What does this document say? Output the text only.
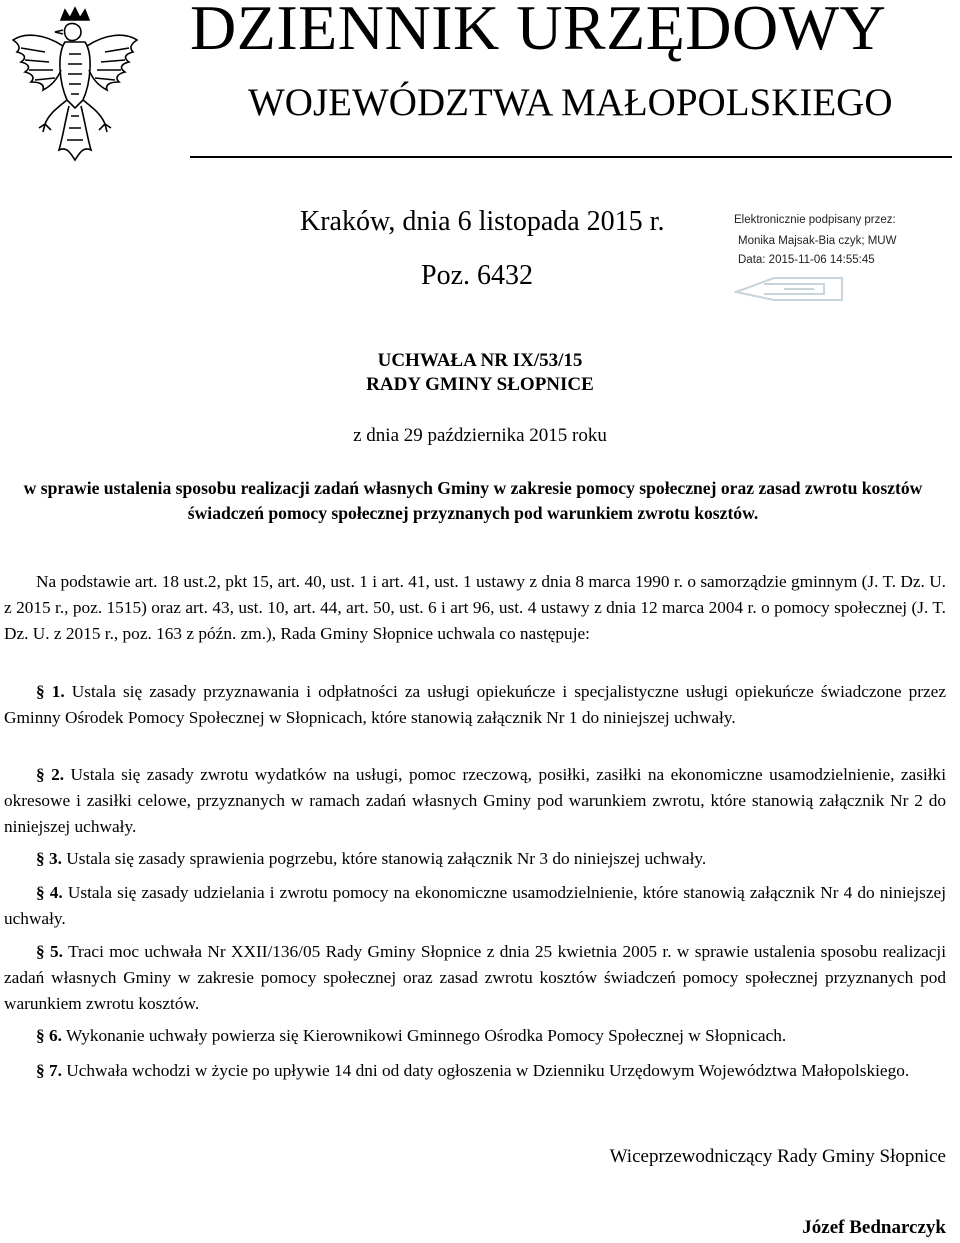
DZIENNIK URZĘDOWY
WOJEWÓDZTWA MAŁOPOLSKIEGO
Kraków, dnia 6 listopada 2015 r.
Poz. 6432
Elektronicznie podpisany przez:
Monika Majsak-Bia czyk; MUW
Data: 2015-11-06 14:55:45
UCHWAŁA NR IX/53/15
RADY GMINY SŁOPNICE
z dnia 29 października 2015 roku
w sprawie ustalenia sposobu realizacji zadań własnych Gminy w zakresie pomocy społecznej oraz zasad zwrotu kosztów świadczeń pomocy społecznej przyznanych pod warunkiem zwrotu kosztów.

Na podstawie art. 18 ust.2, pkt 15, art. 40, ust. 1 i art. 41, ust. 1 ustawy z dnia 8 marca 1990 r. o samorządzie gminnym (J. T. Dz. U. z 2015 r., poz. 1515) oraz art. 43, ust. 10, art. 44, art. 50, ust. 6 i art 96, ust. 4 ustawy z dnia 12 marca 2004 r. o pomocy społecznej (J. T. Dz. U. z 2015 r., poz. 163 z późn. zm.), Rada Gminy Słopnice uchwala co następuje:

§ 1. Ustala się zasady przyznawania i odpłatności za usługi opiekuńcze i specjalistyczne usługi opiekuńcze świadczone przez Gminny Ośrodek Pomocy Społecznej w Słopnicach, które stanowią załącznik Nr 1 do niniejszej uchwały.

§ 2. Ustala się zasady zwrotu wydatków na usługi, pomoc rzeczową, posiłki, zasiłki na ekonomiczne usamodzielnienie, zasiłki okresowe i zasiłki celowe, przyznanych w ramach zadań własnych Gminy pod warunkiem zwrotu, które stanowią załącznik Nr 2 do niniejszej uchwały.

§ 3. Ustala się zasady sprawienia pogrzebu, które stanowią załącznik Nr 3 do niniejszej uchwały.

§ 4. Ustala się zasady udzielania i zwrotu pomocy na ekonomiczne usamodzielnienie, które stanowią załącznik Nr 4 do niniejszej uchwały.

§ 5. Traci moc uchwała Nr XXII/136/05 Rady Gminy Słopnice z dnia 25 kwietnia 2005 r. w sprawie ustalenia sposobu realizacji zadań własnych Gminy w zakresie pomocy społecznej oraz zasad zwrotu kosztów świadczeń pomocy społecznej przyznanych pod warunkiem zwrotu kosztów.

§ 6. Wykonanie uchwały powierza się Kierownikowi Gminnego Ośrodka Pomocy Społecznej w Słopnicach.

§ 7. Uchwała wchodzi w życie po upływie 14 dni od daty ogłoszenia w Dzienniku Urzędowym Województwa Małopolskiego.

Wiceprzewodniczący Rady Gminy Słopnice
Józef Bednarczyk
